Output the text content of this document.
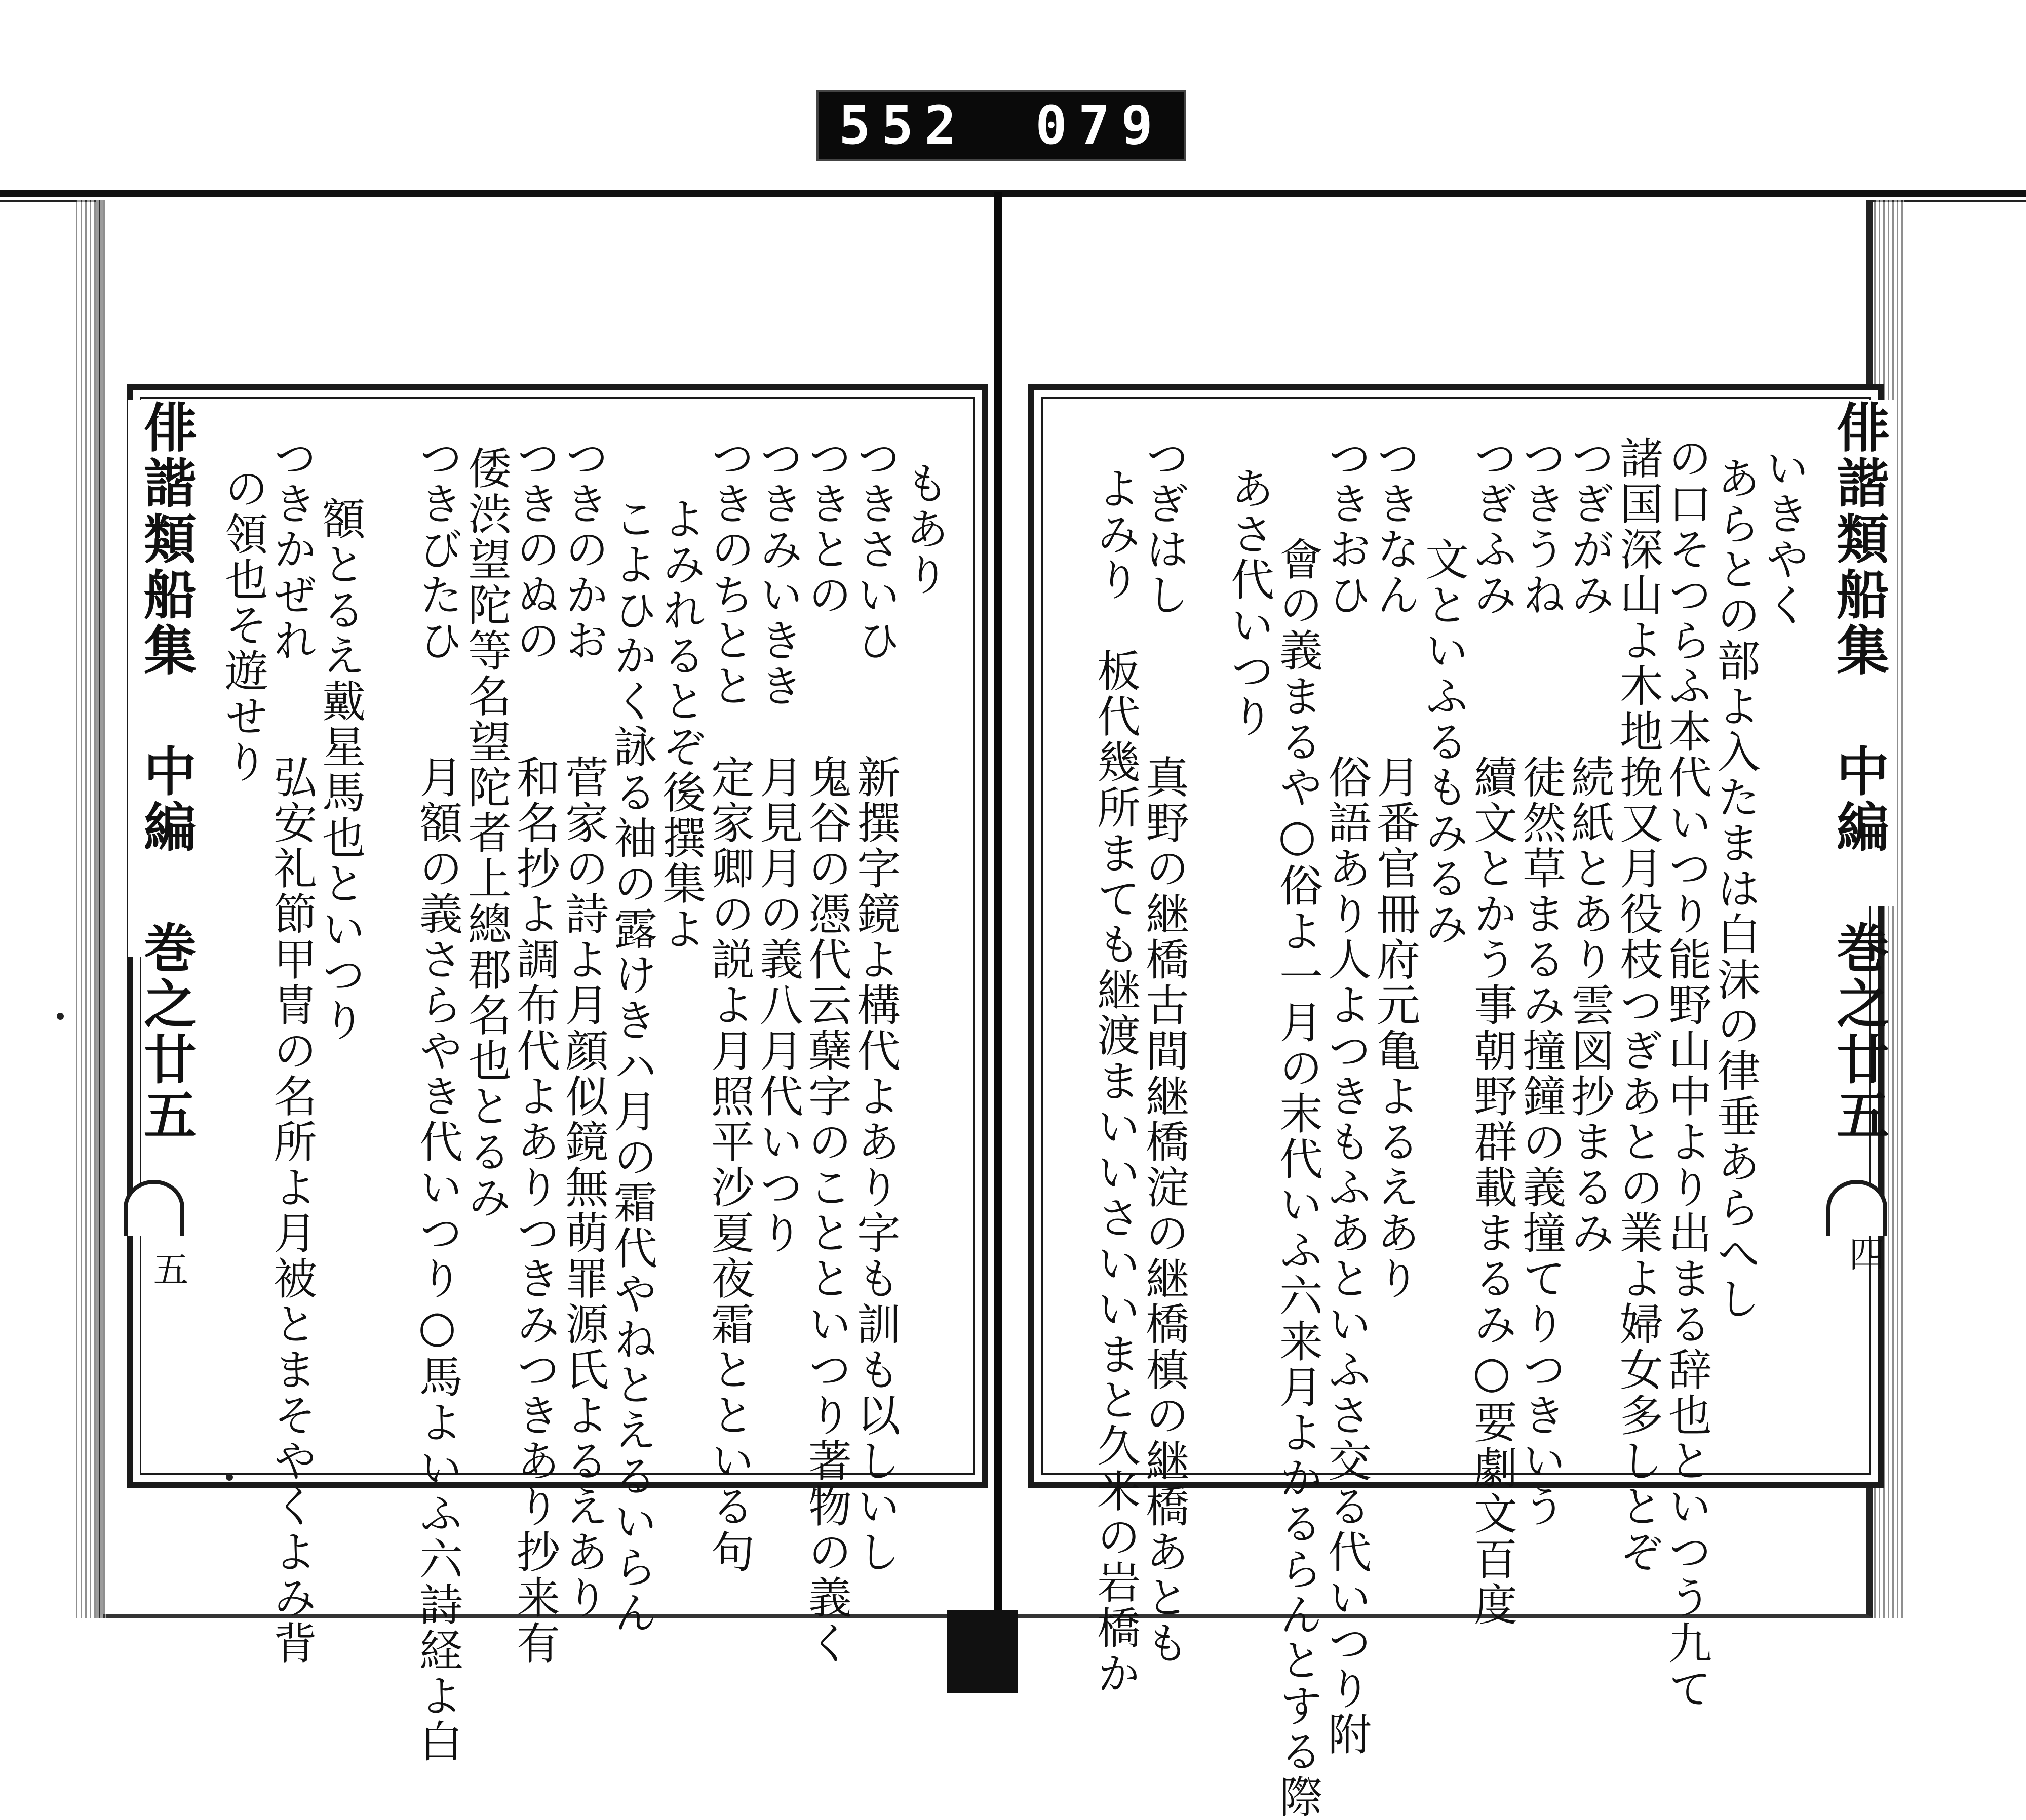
552 079
俳諧類船集 中編 巻之廿五
四
いきやく
あらとの部よ入たまは白沫の律垂あらへし
の口そつらふ本代いつり能野山中より出まる辞也といつう九て
諸国深山よ木地挽又月役枝つぎあとの業よ婦女多しとぞ
つぎがみ　　　続紙とあり雲図抄まるみ
つきうね　　　徒然草まるみ撞鐘の義撞てりつきいう
つぎふみ　　　續文とかう事朝野群載まるみ○要劇文百度
文といふるもみるみ
つきなん　　　月番官冊府元亀よるえあり
つきおひ　　　俗語あり人よつきもふあといふさ交る代いつり附
會の義まるや○俗よ一月の末代いふ六来月よかるらんとする際
あさ代いつり
つぎはし　　　真野の継橋古間継橋淀の継橋槙の継橋あとも
よみり　板代幾所まても継渡まいいさいいまと久米の岩橋か
俳諧類船集 中編 巻之廿五
五
もあり
つきさいひ　　新撰字鏡よ構代よあり字も訓も以しいし
つきとの　　　鬼谷の憑代云蘖字のことといつり著物の義く
つきみいきき　月見月の義八月代いつり
つきのちとと　定家卿の説よ月照平沙夏夜霜とといる句
よみれるとぞ後撰集よ
こよひかく詠る袖の露けきハ月の霜代やねとえるいらん
つきのかお　　菅家の詩よ月顔似鏡無萌罪源氏よるえあり
つきのぬの　　和名抄よ調布代よありつきみつきあり抄来有
倭渋望陀等名望陀者上總郡名也とるみ
つきびたひ　　月額の義さらやき代いつり○馬よいふ六詩経よ白
額とるえ戴星馬也といつり
つきかぜれ　　弘安礼節甲冑の名所よ月被とまそやくよみ背
の領也そ遊せり
